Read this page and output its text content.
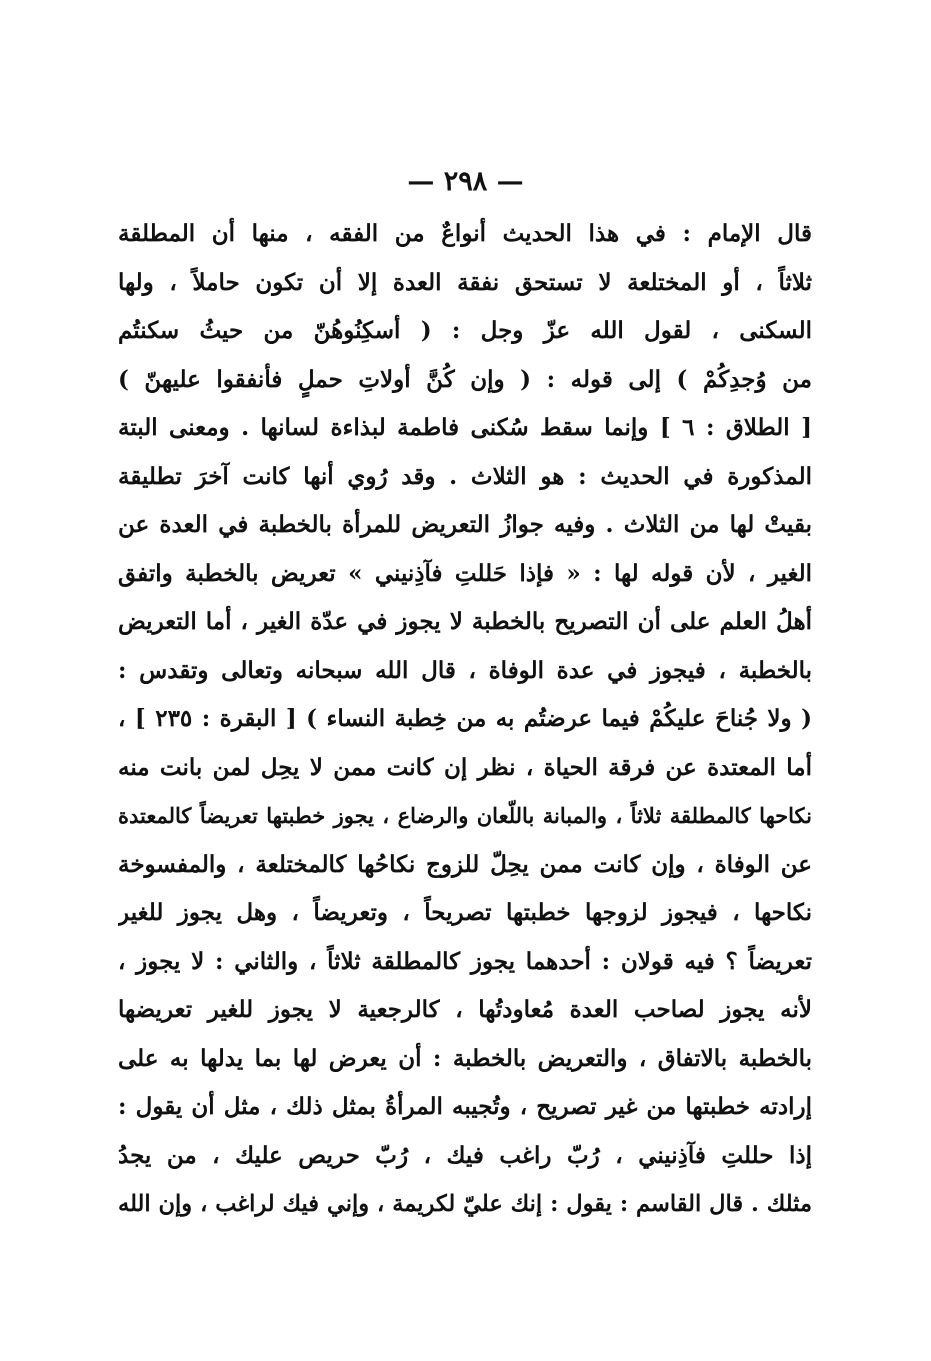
— ٢٩٨ —
قال الإمام : في هذا الحديث أنواعٌ من الفقه ، منها أن المطلقة
ثلاثاً ، أو المختلعة لا تستحق نفقة العدة إلا أن تكون حاملاً ، ولها
السكنى ، لقول الله عزّ وجل : ( أسكِنُوهُنّ من حيثُ سكنتُم
من وُجدِكُمْ ) إلى قوله : ( وإن كُنَّ أولاتِ حملٍ فأنفقوا عليهنّ )
[ الطلاق : ٦ ] وإنما سقط سُكنى فاطمة لبذاءة لسانها . ومعنى البتة
المذكورة في الحديث : هو الثلاث . وقد رُوي أنها كانت آخرَ تطليقة
بقيتْ لها من الثلاث . وفيه جوازُ التعريض للمرأة بالخطبة في العدة عن
الغير ، لأن قوله لها : « فإذا حَللتِ فآذِنيني » تعريض بالخطبة واتفق
أهلُ العلم على أن التصريح بالخطبة لا يجوز في عدّة الغير ، أما التعريض
بالخطبة ، فيجوز في عدة الوفاة ، قال الله سبحانه وتعالى وتقدس :
( ولا جُناحَ عليكُمْ فيما عرضتُم به من خِطبة النساء ) [ البقرة : ٢٣٥ ] ،
أما المعتدة عن فرقة الحياة ، نظر إن كانت ممن لا يحِل لمن بانت منه
نكاحها كالمطلقة ثلاثاً ، والمبانة باللّعان والرضاع ، يجوز خطبتها تعريضاً كالمعتدة
عن الوفاة ، وإن كانت ممن يحِلّ للزوج نكاحُها كالمختلعة ، والمفسوخة
نكاحها ، فيجوز لزوجها خطبتها تصريحاً ، وتعريضاً ، وهل يجوز للغير
تعريضاً ؟ فيه قولان : أحدهما يجوز كالمطلقة ثلاثاً ، والثاني : لا يجوز ،
لأنه يجوز لصاحب العدة مُعاودتُها ، كالرجعية لا يجوز للغير تعريضها
بالخطبة بالاتفاق ، والتعريض بالخطبة : أن يعرض لها بما يدلها به على
إرادته خطبتها من غير تصريح ، وتُجيبه المرأةُ بمثل ذلك ، مثل أن يقول :
إذا حللتِ فآذِنيني ، رُبّ راغب فيك ، رُبّ حريص عليك ، من يجدُ
مثلك . قال القاسم : يقول : إنك عليّ لكريمة ، وإني فيك لراغب ، وإن الله
